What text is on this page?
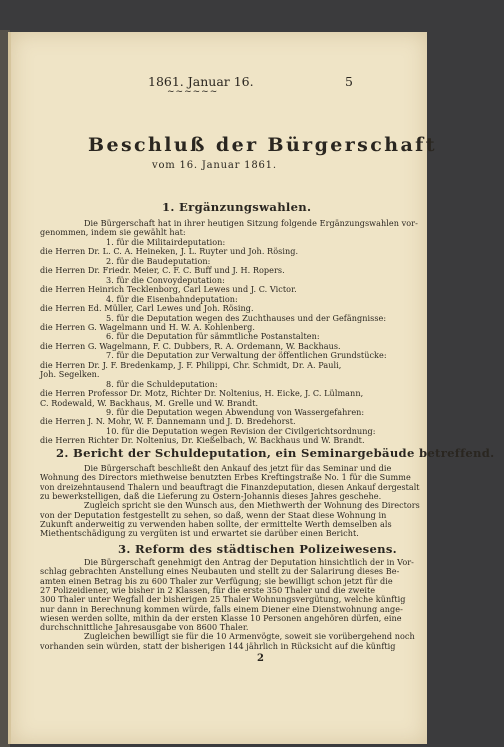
1861. Januar 16.
~~~~~~
5
Beschluß der Bürgerschaft
vom 16. Januar 1861.
1. Ergänzungswahlen.
2. Bericht der Schuldeputation, ein Seminargebäude betreffend.
3. Reform des städtischen Polizeiwesens.
Die Bürgerschaft hat in ihrer heutigen Sitzung folgende Ergänzungswahlen vor-
genommen, indem sie gewählt hat:
1. für die Militairdeputation:
die Herren Dr. L. C. A. Heineken, J. L. Ruyter und Joh. Rösing.
2. für die Baudeputation:
die Herren Dr. Friedr. Meier, C. F. C. Buff und J. H. Ropers.
3. für die Convoydeputation:
die Herren Heinrich Tecklenborg, Carl Lewes und J. C. Victor.
4. für die Eisenbahndeputation:
die Herren Ed. Müller, Carl Lewes und Joh. Rösing.
5. für die Deputation wegen des Zuchthauses und der Gefängnisse:
die Herren G. Wagelmann und H. W. A. Kohlenberg.
6. für die Deputation für sämmtliche Postanstalten:
die Herren G. Wagelmann, F. C. Dubbers, R. A. Ordemann, W. Backhaus.
7. für die Deputation zur Verwaltung der öffentlichen Grundstücke:
die Herren Dr. J. F. Bredenkamp, J. F. Philippi, Chr. Schmidt, Dr. A. Pauli,
Joh. Segelken.
8. für die Schuldeputation:
die Herren Professor Dr. Motz, Richter Dr. Noltenius, H. Eicke, J. C. Lülmann,
C. Rodewald, W. Backhaus, M. Grelle und W. Brandt.
9. für die Deputation wegen Abwendung von Wassergefahren:
die Herren J. N. Mohr, W. F. Dannemann und J. D. Bredehorst.
10. für die Deputation wegen Revision der Civilgerichtsordnung:
die Herren Richter Dr. Noltenius, Dr. Kießelbach, W. Backhaus und W. Brandt.
Die Bürgerschaft beschließt den Ankauf des jetzt für das Seminar und die
Wohnung des Directors miethweise benutzten Erbes Kreftingstraße No. 1 für die Summe
von dreizehntausend Thalern und beauftragt die Finanzdeputation, diesen Ankauf dergestalt
zu bewerkstelligen, daß die Lieferung zu Ostern-Johannis dieses Jahres geschehe.
Zugleich spricht sie den Wunsch aus, den Miethwerth der Wohnung des Directors
von der Deputation festgestellt zu sehen, so daß, wenn der Staat diese Wohnung in
Zukunft anderweitig zu verwenden haben sollte, der ermittelte Werth demselben als
Miethentschädigung zu vergüten ist und erwartet sie darüber einen Bericht.
Die Bürgerschaft genehmigt den Antrag der Deputation hinsichtlich der in Vor-
schlag gebrachten Anstellung eines Neubauten und stellt zu der Salarirung dieses Be-
amten einen Betrag bis zu 600 Thaler zur Verfügung; sie bewilligt schon jetzt für die
27 Polizeidiener, wie bisher in 2 Klassen, für die erste 350 Thaler und die zweite
300 Thaler unter Wegfall der bisherigen 25 Thaler Wohnungsvergütung, welche künftig
nur dann in Berechnung kommen würde, falls einem Diener eine Dienstwohnung ange-
wiesen werden sollte, mithin da der ersten Klasse 10 Personen angehören dürfen, eine
durchschnittliche Jahresausgabe von 8600 Thaler.
Zugleichen bewilligt sie für die 10 Armenvögte, soweit sie vorübergehend noch
vorhanden sein würden, statt der bisherigen 144 jährlich in Rücksicht auf die künftig
2
